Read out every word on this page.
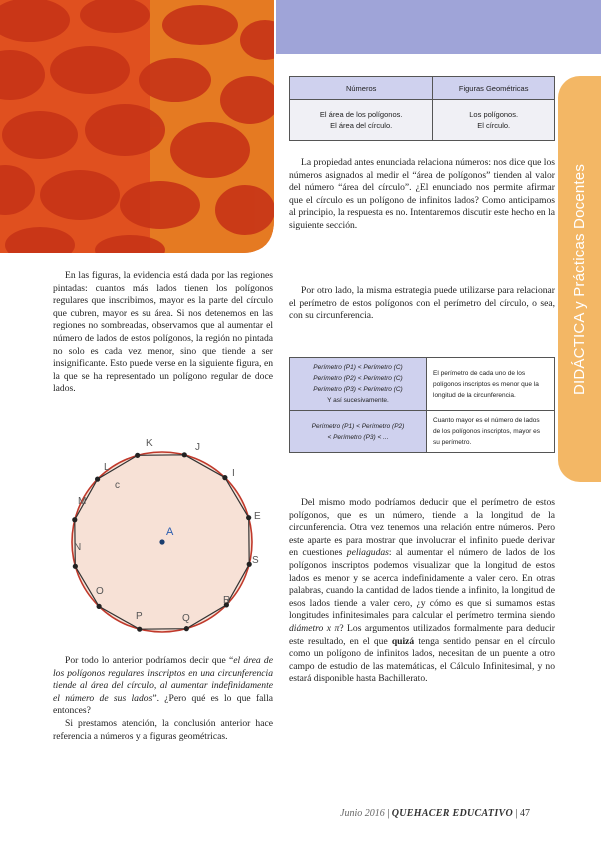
DIDÁCTICA y Prácticas Docentes
Números	Figuras Geométricas
El área de los polígonos.
El área del círculo.	Los polígonos.
El círculo.

La propiedad antes enunciada relaciona números: nos dice que los números asignados al medir el “área de polígonos” tienden al valor del número “área del círculo”. ¿El enunciado nos permite afirmar que el círculo es un polígono de infinitos lados? Como anticipamos al principio, la respuesta es no. Intentaremos discutir este hecho en la siguiente sección.

Por otro lado, la misma estrategia puede utilizarse para relacionar el perímetro de estos polígonos con el perímetro del círculo, o sea, con su circunferencia.

Perímetro (P1) < Perímetro (C)
Perímetro (P2) < Perímetro (C)
Perímetro (P3) < Perímetro (C)
Y así sucesivamente.	El perímetro de cada uno de los polígonos inscriptos es menor que la longitud de la circunferencia.
Perímetro (P1) < Perímetro (P2)
< Perímetro (P3) < ...	Cuanto mayor es el número de lados de los polígonos inscriptos, mayor es su perímetro.

Del mismo modo podríamos deducir que el perímetro de estos polígonos, que es un número, tiende a la longitud de la circunferencia. Otra vez tenemos una relación entre números. Pero este aparte es para mostrar que involucrar el infinito puede derivar en cuestiones peliagudas: al aumentar el número de lados de los polígonos inscriptos podemos visualizar que la longitud de estos lados es menor y se acerca indefinidamente a valer cero. En otras palabras, cuando la cantidad de lados tiende a infinito, la longitud de esos lados tiende a valer cero, ¿y cómo es que si sumamos estas longitudes infinitesimales para calcular el perímetro termina siendo diámetro x π? Los argumentos utilizados formalmente para deducir este resultado, en el que quizá tenga sentido pensar en el círculo como un polígono de infinitos lados, necesitan de un puente a otro campo de estudio de las matemáticas, el Cálculo Infinitesimal, y no estará disponible hasta Bachillerato.

En las figuras, la evidencia está dada por las regiones pintadas: cuantos más lados tienen los polígonos regulares que inscribimos, mayor es la parte del círculo que cubren, mayor es su área. Si nos detenemos en las regiones no sombreadas, observamos que al aumentar el número de lados de estos polígonos, la región no pintada no solo es cada vez menor, sino que tiende a ser insignificante. Esto puede verse en la siguiente figura, en la que se ha representado un polígono regular de doce lados.

A
K	J
I
L
c
M
E
N
S
O
R
P	Q

Por todo lo anterior podríamos decir que “el área de los polígonos regulares inscriptos en una circunferencia tiende al área del círculo, al aumentar indefinidamente el número de sus lados”. ¿Pero qué es lo que falla entonces?

Si prestamos atención, la conclusión anterior hace referencia a números y a figuras geométricas.

Junio 2016 | QUEHACER EDUCATIVO | 47
